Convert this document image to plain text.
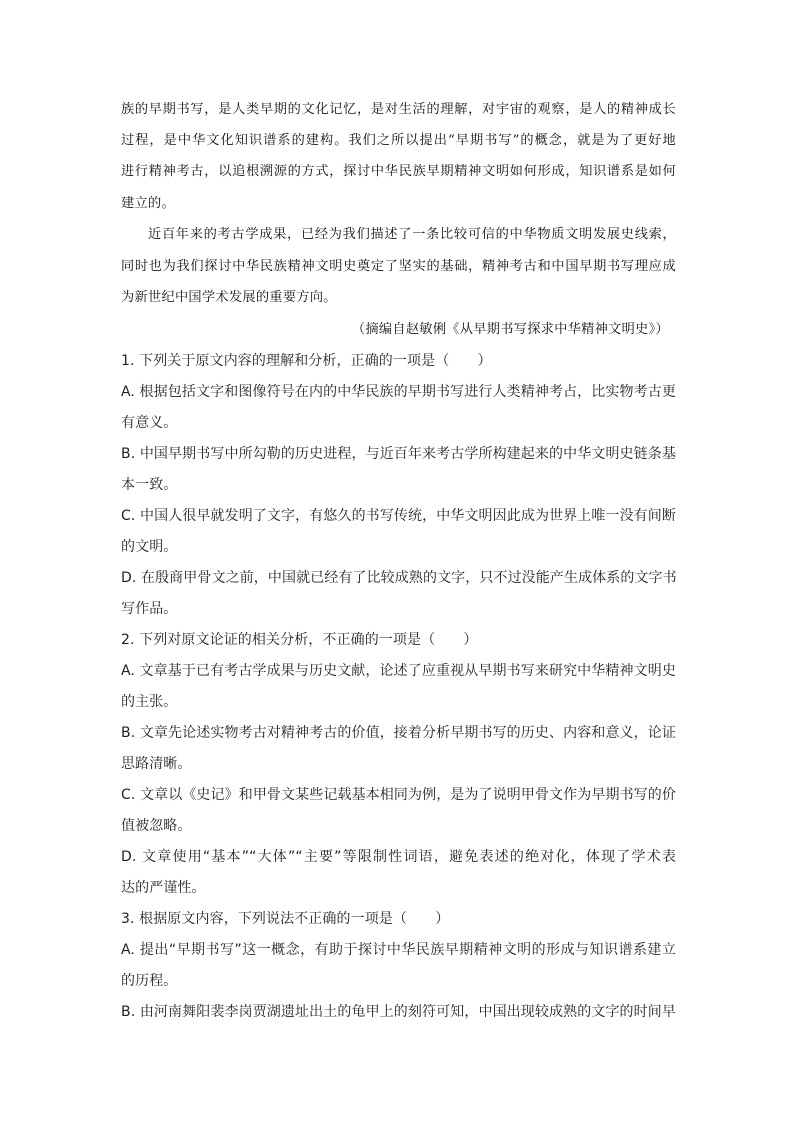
族的早期书写，是人类早期的文化记忆，是对生活的理解，对宇宙的观察，是人的精神成长
过程，是中华文化知识谱系的建构。我们之所以提出“早期书写”的概念，就是为了更好地
进行精神考古，以追根溯源的方式，探讨中华民族早期精神文明如何形成，知识谱系是如何
建立的。
近百年来的考古学成果，已经为我们描述了一条比较可信的中华物质文明发展史线索，
同时也为我们探讨中华民族精神文明史奠定了坚实的基础，精神考古和中国早期书写理应成
为新世纪中国学术发展的重要方向。
（摘编自赵敏俐《从早期书写探求中华精神文明史》）
1. 下列关于原文内容的理解和分析，正确的一项是（　　）
A. 根据包括文字和图像符号在内的中华民族的早期书写进行人类精神考占，比实物考古更
有意义。
B. 中国早期书写中所勾勒的历史进程，与近百年来考古学所构建起来的中华文明史链条基
本一致。
C. 中国人很早就发明了文字，有悠久的书写传统，中华文明因此成为世界上唯一没有间断
的文明。
D. 在殷商甲骨文之前，中国就已经有了比较成熟的文字，只不过没能产生成体系的文字书
写作品。
2. 下列对原文论证的相关分析，不正确的一项是（　　）
A. 文章基于已有考古学成果与历史文献，论述了应重视从早期书写来研究中华精神文明史
的主张。
B. 文章先论述实物考古对精神考古的价值，接着分析早期书写的历史、内容和意义，论证
思路清晰。
C. 文章以《史记》和甲骨文某些记载基本相同为例，是为了说明甲骨文作为早期书写的价
值被忽略。
D. 文章使用“基本”“大体”“主要”等限制性词语，避免表述的绝对化，体现了学术表
达的严谨性。
3. 根据原文内容，下列说法不正确的一项是（　　）
A. 提出“早期书写”这一概念，有助于探讨中华民族早期精神文明的形成与知识谱系建立
的历程。
B. 由河南舞阳裴李岗贾湖遗址出土的龟甲上的刻符可知，中国出现较成熟的文字的时间早
